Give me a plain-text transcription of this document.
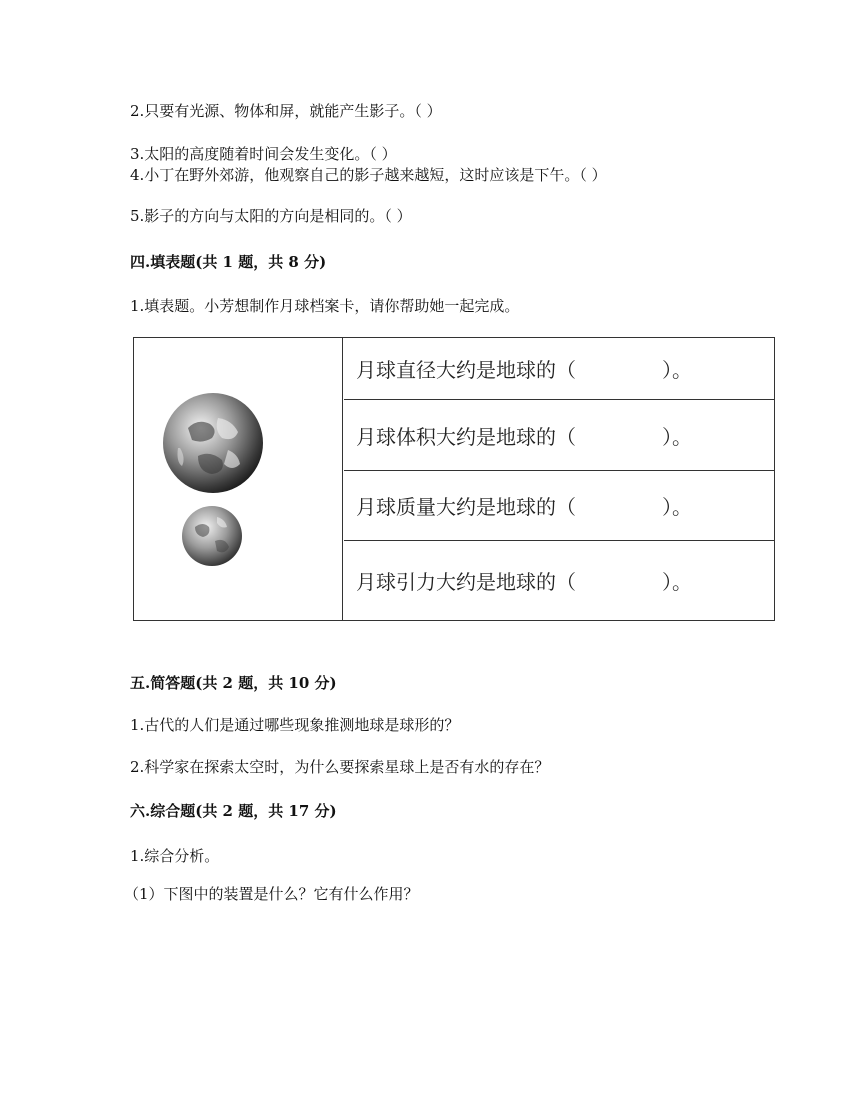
2.只要有光源、物体和屏，就能产生影子。（ ）
3.太阳的高度随着时间会发生变化。（ ）
4.小丁在野外郊游，他观察自己的影子越来越短，这时应该是下午。（ ）
5.影子的方向与太阳的方向是相同的。（ ）
四.填表题(共 1 题，共 8 分)
1.填表题。小芳想制作月球档案卡，请你帮助她一起完成。
月球直径大约是地球的（	）。
月球体积大约是地球的（	）。
月球质量大约是地球的（	）。
月球引力大约是地球的（	）。
五.简答题(共 2 题，共 10 分)
1.古代的人们是通过哪些现象推测地球是球形的？
2.科学家在探索太空时，为什么要探索星球上是否有水的存在？
六.综合题(共 2 题，共 17 分)
1.综合分析。
（1）下图中的装置是什么？它有什么作用？
